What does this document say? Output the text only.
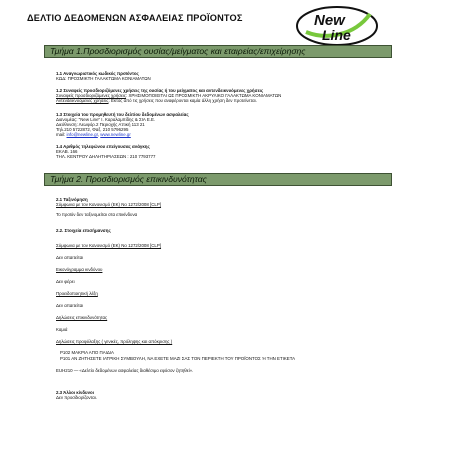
ΔΕΛΤΙΟ ΔΕΔΟΜΕΝΩΝ ΑΣΦΑΛΕΙΑΣ ΠΡΟΪΟΝΤΟΣ	New
Line
Τμήμα 1.Προσδιορισμός ουσίας/μείγματος και εταιρείας/επιχείρησης
1.1 Αναγνωριστικός κωδικός προϊόντος
ΚΩΔ: ΠΡΟΣΜΙΚΤΗ ΓΑΛΑΚΤΩΜΑ ΚΟΝΙΑΜΑΤΩΝ
1.2 Συναφείς προσδιοριζόμενες χρήσεις της ουσίας ή του μείγματος και αντενδεικνυόμενες χρήσεις
Συναφείς προσδιοριζόμενες χρήσεις: ΧΡΗΣΙΜΟΠΟΙΕΙΤΑΙ ΩΣ ΠΡΟΣΜΙΚΤΗ ΑΚΡΥΛΙΚΟ ΓΑΛΑΚΤΩΜΑ ΚΟΝΙΑΜΑΤΩΝ
Αντενδεικνυόμενες χρήσεις: Εκτός από τις χρήσεις που αναφέρονται καμία άλλη χρήση δεν προτείνεται.
1.3 Στοιχεία του προμηθευτή του δελτίου δεδομένων ασφαλείας
Διανομέας: "New Line" Ι. Καραλαμπίδης & ΣΙΑ Ε.Ε.
Διεύθυνση: Λεωφόρ.2 Περιοχής Αττική 113 21
Τηλ.210 5722872, Φαξ. 210 5796295
mail: info@newline.gr, www.newline.gr
1.4 Αριθμός τηλεφώνου επείγουσας ανάγκης
ΕΚΑΒ. 166
ΤΗΛ. ΚΕΝΤΡΟΥ ΔΗΛΗΤΗΡΙΑΣΕΩΝ : 210 7793777
Τμήμα 2. Προσδιορισμός επικινδυνότητας
2.1 Ταξινόμηση
Σύμφωνα με τον Κανονισμό (ΕΚ) Νο 1272/2008 [CLP]
Το προϊόν δεν ταξινομείται στα επικίνδυνα
2.2. Στοιχεία επισήμανσης
Σύμφωνα με τον Κανονισμό (ΕΚ) Νο 1272/2008 [CLP]
Δεν απαιτείται
Εικονόγραμμα κινδύνου
Δεν φέρει
Προειδοποιητική λέξη
Δεν απαιτείται
Δηλώσεις επικινδυνότητας
Καμιά
Δηλώσεις προφύλαξης ( γενικές, πρόληψης και απόκρισης )
Ρ102 ΜΑΚΡΙΑ ΑΠΟ ΠΑΙΔΙΑ
Ρ101 ΑΝ ΖΗΤΗΣΕΤΕ ΙΑΤΡΙΚΗ ΣΥΜΒΟΥΛΗ, ΝΑ ΕΧΕΤΕ ΜΑΖΙ ΣΑΣ ΤΟΝ ΠΕΡΙΕΚΤΗ ΤΟΥ ΠΡΟΪΟΝΤΟΣ Ή ΤΗΝ ΕΤΙΚΕΤΑ
EUH210 — «Δελτίο δεδομένων ασφαλείας διαθέσιμο εφόσον ζητηθεί».
2.3 Άλλοι κίνδυνοι
Δεν προσδιορίζονται.
